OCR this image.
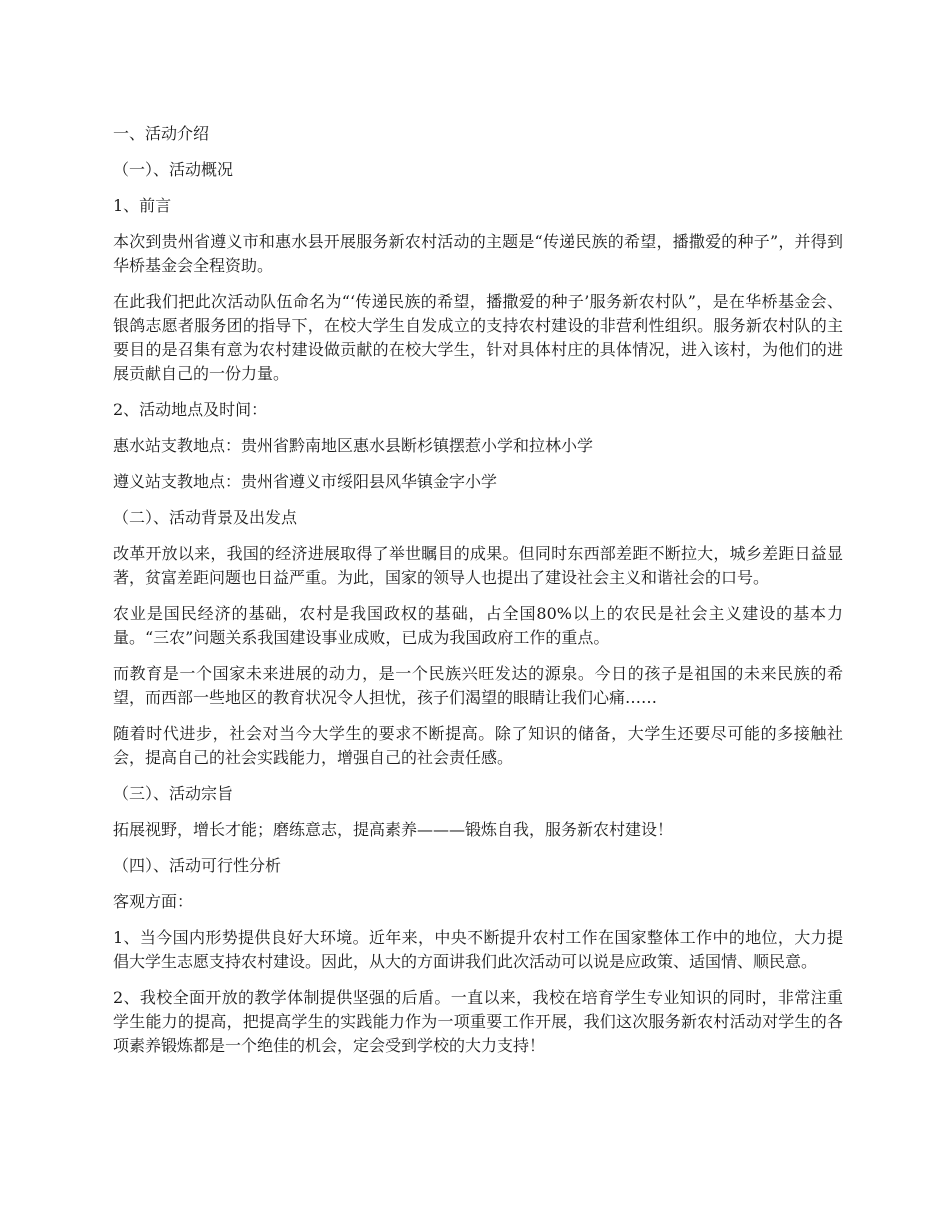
一、活动介绍

（一）、活动概况

1、前言

本次到贵州省遵义市和惠水县开展服务新农村活动的主题是“传递民族的希望，播撒爱的种子”，并得到华桥基金会全程资助。

在此我们把此次活动队伍命名为“‘传递民族的希望，播撒爱的种子’服务新农村队”，是在华桥基金会、银鸽志愿者服务团的指导下，在校大学生自发成立的支持农村建设的非营利性组织。服务新农村队的主要目的是召集有意为农村建设做贡献的在校大学生，针对具体村庄的具体情况，进入该村，为他们的进展贡献自己的一份力量。

2、活动地点及时间：

惠水站支教地点：贵州省黔南地区惠水县断杉镇摆惹小学和拉林小学

遵义站支教地点：贵州省遵义市绥阳县风华镇金字小学

（二）、活动背景及出发点

改革开放以来，我国的经济进展取得了举世瞩目的成果。但同时东西部差距不断拉大，城乡差距日益显著，贫富差距问题也日益严重。为此，国家的领导人也提出了建设社会主义和谐社会的口号。

农业是国民经济的基础，农村是我国政权的基础，占全国80%以上的农民是社会主义建设的基本力量。“三农”问题关系我国建设事业成败，已成为我国政府工作的重点。

而教育是一个国家未来进展的动力，是一个民族兴旺发达的源泉。今日的孩子是祖国的未来民族的希望，而西部一些地区的教育状况令人担忧，孩子们渴望的眼睛让我们心痛……

随着时代进步，社会对当今大学生的要求不断提高。除了知识的储备，大学生还要尽可能的多接触社会，提高自己的社会实践能力，增强自己的社会责任感。

（三）、活动宗旨

拓展视野，增长才能；磨练意志，提高素养———锻炼自我，服务新农村建设！

（四）、活动可行性分析

客观方面：

1、当今国内形势提供良好大环境。近年来，中央不断提升农村工作在国家整体工作中的地位，大力提倡大学生志愿支持农村建设。因此，从大的方面讲我们此次活动可以说是应政策、适国情、顺民意。

2、我校全面开放的教学体制提供坚强的后盾。一直以来，我校在培育学生专业知识的同时，非常注重学生能力的提高，把提高学生的实践能力作为一项重要工作开展，我们这次服务新农村活动对学生的各项素养锻炼都是一个绝佳的机会，定会受到学校的大力支持！
